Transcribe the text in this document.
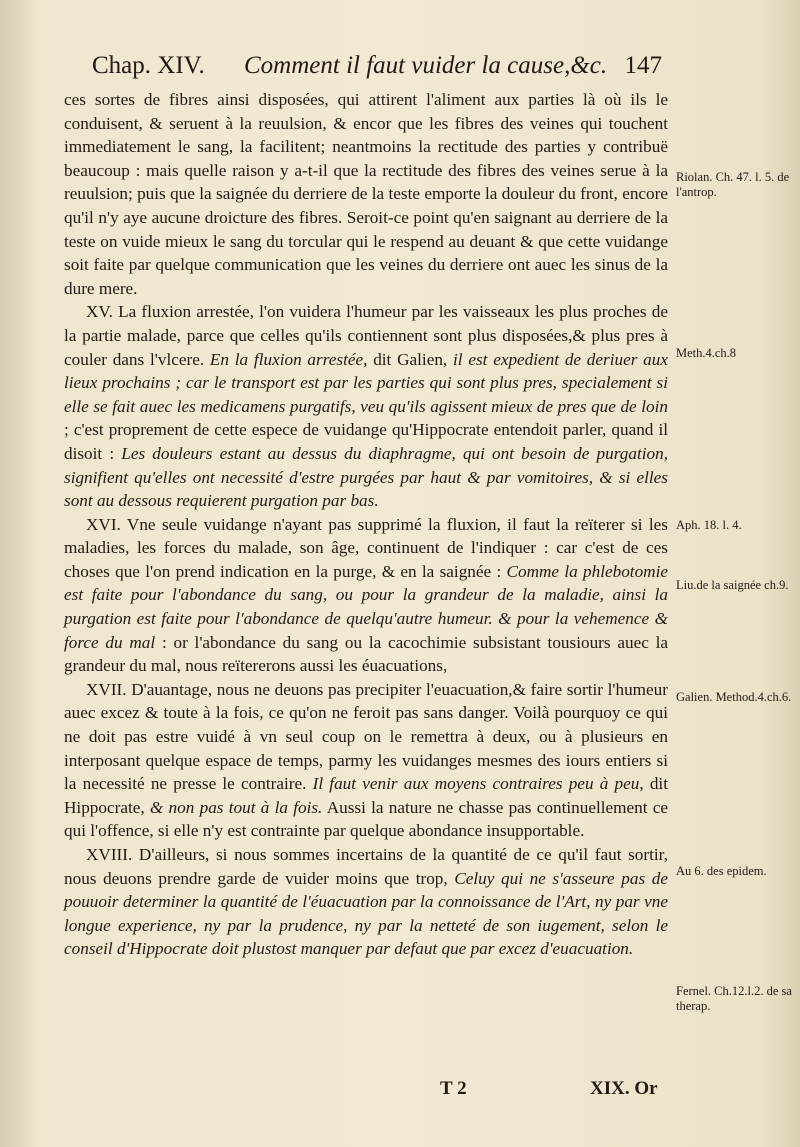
Chap. XIV. Comment il faut vuider la cause,&c. 147

ces sortes de fibres ainsi disposées, qui attirent l'aliment aux parties là où ils le conduisent, & seruent à la reuulsion, & encor que les fibres des veines qui touchent immediatement le sang, la facilitent; neantmoins la rectitude des parties y contribuë beaucoup : mais quelle raison y a-t-il que la rectitude des fibres des veines serue à la reuulsion; puis que la saignée du derriere de la teste emporte la douleur du front, encore qu'il n'y aye aucune droicture des fibres. Seroit-ce point qu'en saignant au derriere de la teste on vuide mieux le sang du torcular qui le respend au deuant & que cette vuidange soit faite par quelque communication que les veines du derriere ont auec les sinus de la dure mere.

XV. La fluxion arrestée, l'on vuidera l'humeur par les vaisseaux les plus proches de la partie malade, parce que celles qu'ils contiennent sont plus disposées,& plus pres à couler dans l'vlcere. En la fluxion arrestée, dit Galien, il est expedient de deriuer aux lieux prochains ; car le transport est par les parties qui sont plus pres, specialement si elle se fait auec les medicamens purgatifs, veu qu'ils agissent mieux de pres que de loin ; c'est proprement de cette espece de vuidange qu'Hippocrate entendoit parler, quand il disoit : Les douleurs estant au dessus du diaphragme, qui ont besoin de purgation, signifient qu'elles ont necessité d'estre purgées par haut & par vomitoires, & si elles sont au dessous requierent purgation par bas.

XVI. Vne seule vuidange n'ayant pas supprimé la fluxion, il faut la reïterer si les maladies, les forces du malade, son âge, continuent de l'indiquer : car c'est de ces choses que l'on prend indication en la purge, & en la saignée : Comme la phlebotomie est faite pour l'abondance du sang, ou pour la grandeur de la maladie, ainsi la purgation est faite pour l'abondance de quelqu'autre humeur. & pour la vehemence & force du mal : or l'abondance du sang ou la cacochimie subsistant tousiours auec la grandeur du mal, nous reïtererons aussi les éuacuations,

XVII. D'auantage, nous ne deuons pas precipiter l'euacuation,& faire sortir l'humeur auec excez & toute à la fois, ce qu'on ne feroit pas sans danger. Voilà pourquoy ce qui ne doit pas estre vuidé à vn seul coup on le remettra à deux, ou à plusieurs en interposant quelque espace de temps, parmy les vuidanges mesmes des iours entiers si la necessité ne presse le contraire. Il faut venir aux moyens contraires peu à peu, dit Hippocrate, & non pas tout à la fois. Aussi la nature ne chasse pas continuellement ce qui l'offence, si elle n'y est contrainte par quelque abondance insupportable.

XVIII. D'ailleurs, si nous sommes incertains de la quantité de ce qu'il faut sortir, nous deuons prendre garde de vuider moins que trop, Celuy qui ne s'asseure pas de pouuoir determiner la quantité de l'éuacuation par la connoissance de l'Art, ny par vne longue experience, ny par la prudence, ny par la netteté de son iugement, selon le conseil d'Hippocrate doit plustost manquer par defaut que par excez d'euacuation.

Riolan. Ch. 47. l. 5. de l'antrop.
Meth.4.ch.8
Aph. 18. l. 4.
Liu.de la saignée ch.9.
Galien. Method.4.ch.6.
Au 6. des epidem.
Fernel. Ch.12.l.2. de sa therap.
T 2	XIX. Or
